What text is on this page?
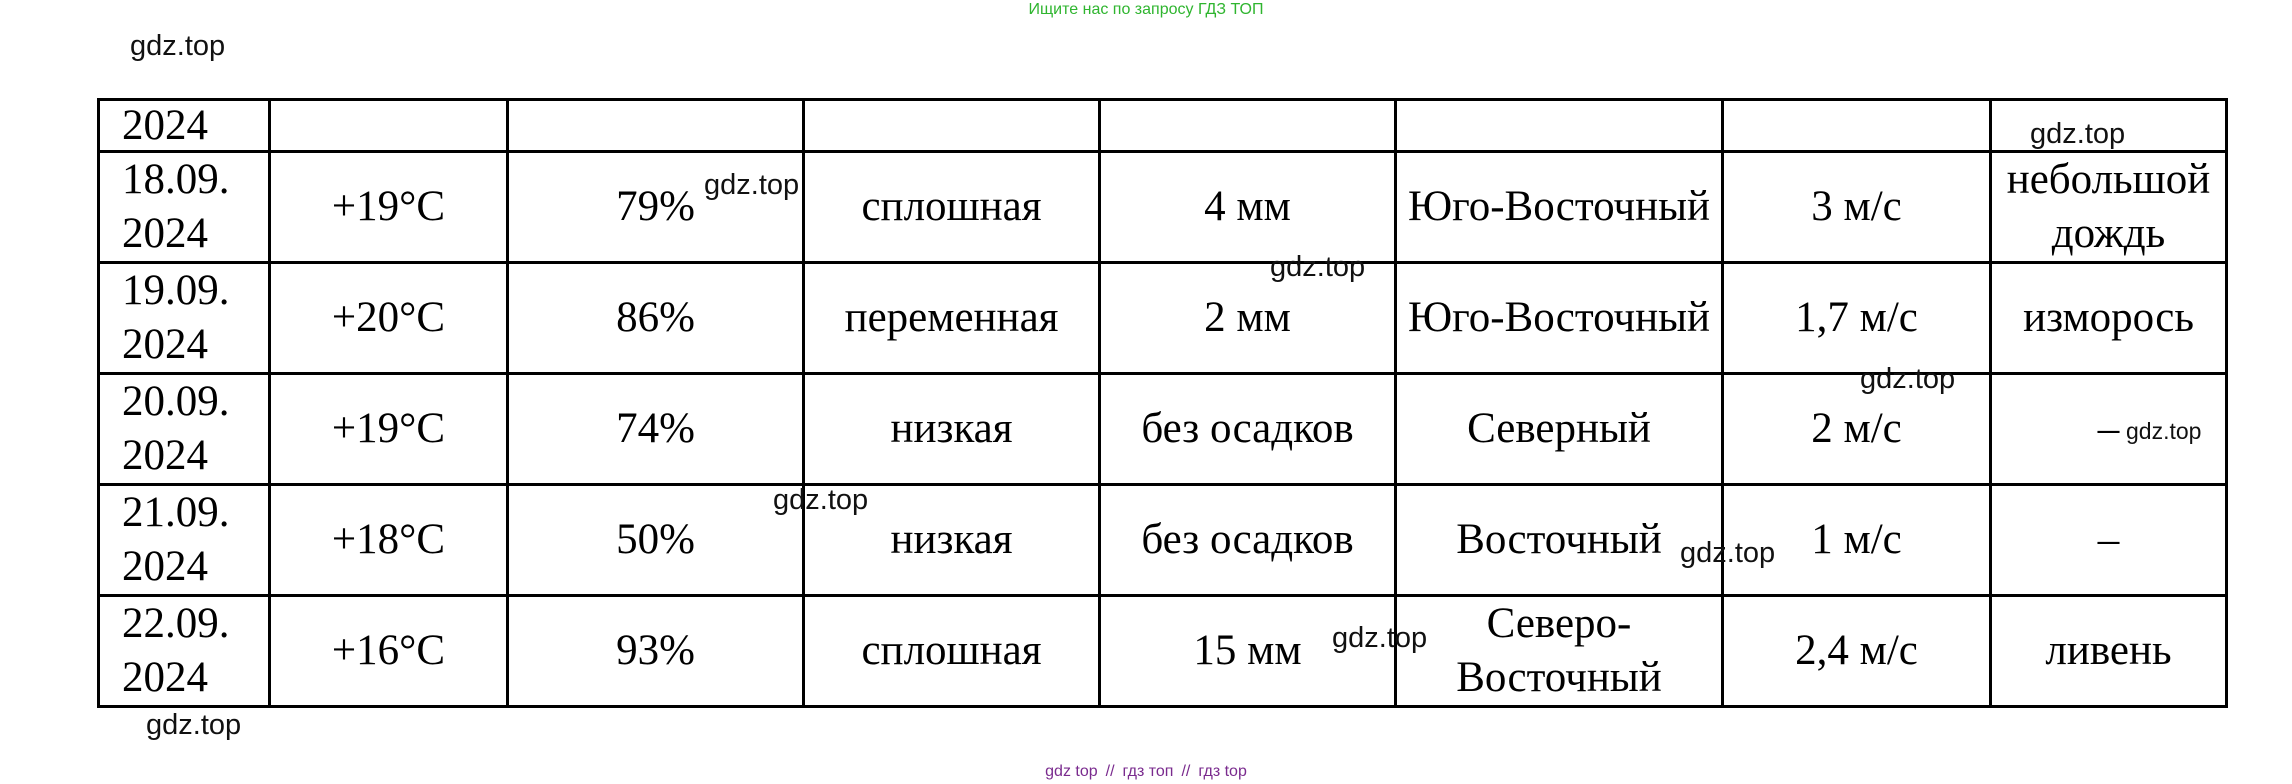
Ищите нас по запросу ГДЗ ТОП
gdz.top
2024							
18.09. 2024	+19°C	79%	сплошная	4 мм	Юго-Восточный	3 м/с	небольшой дождь
19.09. 2024	+20°C	86%	переменная	2 мм	Юго-Восточный	1,7 м/с	изморось
20.09. 2024	+19°C	74%	низкая	без осадков	Северный	2 м/с	–
21.09. 2024	+18°C	50%	низкая	без осадков	Восточный	1 м/с	–
22.09. 2024	+16°C	93%	сплошная	15 мм	Северо-Восточный	2,4 м/с	ливень
gdz.top
gdz.top
gdz.top
gdz.top
gdz.top
gdz.top
gdz.top
gdz.top
gdz.top
gdz top // гдз топ // гдз top
